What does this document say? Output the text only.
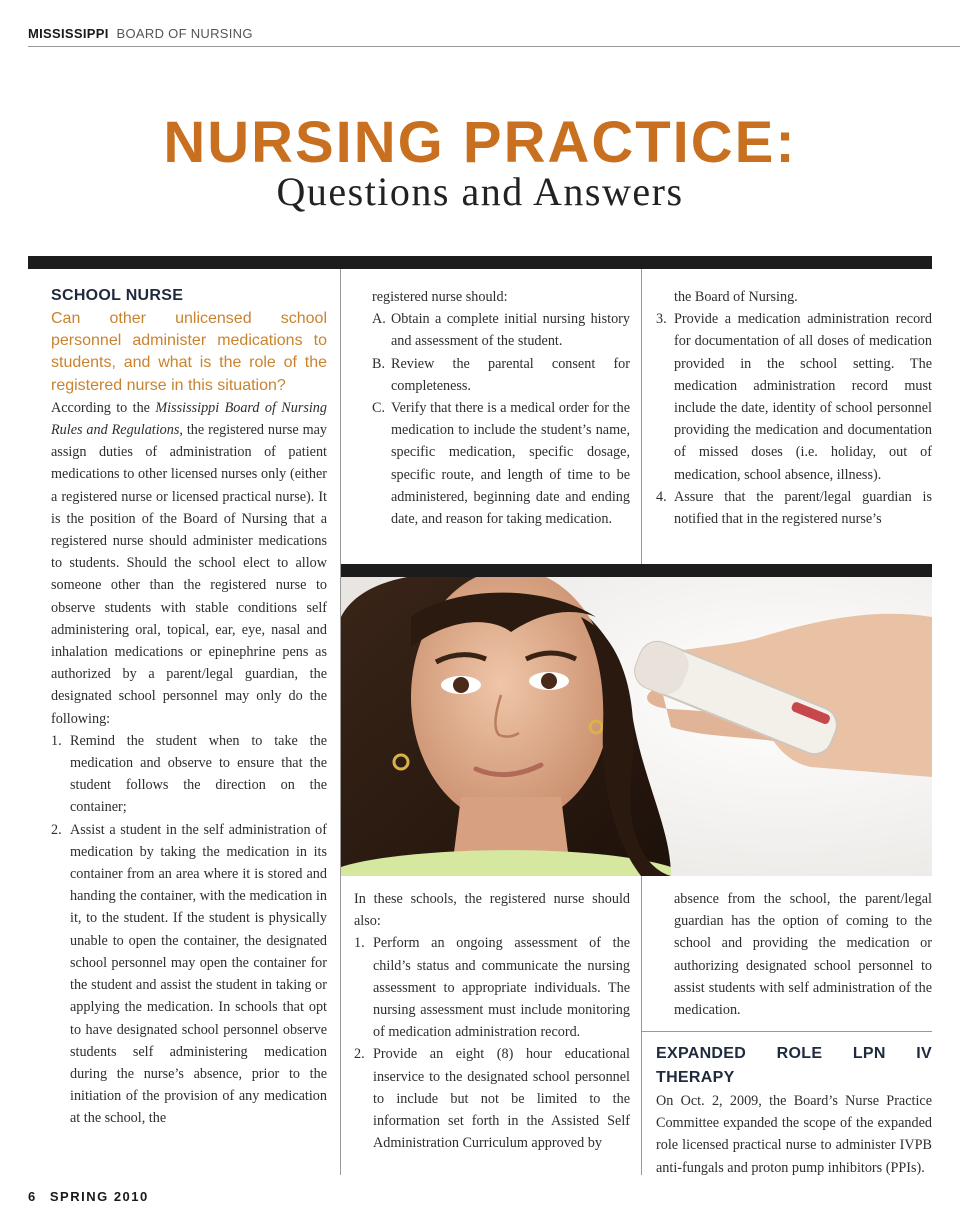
MISSISSIPPI BOARD OF NURSING
NURSING PRACTICE:
Questions and Answers

SCHOOL NURSE

Can other unlicensed school personnel administer medications to students, and what is the role of the registered nurse in this situation?

According to the Mississippi Board of Nursing Rules and Regulations, the registered nurse may assign duties of administration of patient medications to other licensed nurses only (either a registered nurse or licensed practical nurse). It is the position of the Board of Nursing that a registered nurse should administer medications to students. Should the school elect to allow someone other than the registered nurse to observe students with stable conditions self administering oral, topical, ear, eye, nasal and inhalation medications or epinephrine pens as authorized by a parent/legal guardian, the designated school personnel may only do the following:

1. Remind the student when to take the medication and observe to ensure that the student follows the direction on the container;
2. Assist a student in the self administration of medication by taking the medication in its container from an area where it is stored and handing the container, with the medication in it, to the student. If the student is physically unable to open the container, the designated school personnel may open the container for the student and assist the student in taking or applying the medication. In schools that opt to have designated school personnel observe students self administering medication during the nurse’s absence, prior to the initiation of the provision of any medication at the school, the

registered nurse should:

A. Obtain a complete initial nursing history and assessment of the student.
B. Review the parental consent for completeness.
C. Verify that there is a medical order for the medication to include the student’s name, specific medication, specific dosage, specific route, and length of time to be administered, beginning date and ending date, and reason for taking medication.

the Board of Nursing.

3. Provide a medication administration record for documentation of all doses of medication provided in the school setting. The medication administration record must include the date, identity of school personnel providing the medication and documentation of missed doses (i.e. holiday, out of medication, school absence, illness).
4. Assure that the parent/legal guardian is notified that in the registered nurse’s

In these schools, the registered nurse should also:

1. Perform an ongoing assessment of the child’s status and communicate the nursing assessment to appropriate individuals. The nursing assessment must include monitoring of medication administration record.
2. Provide an eight (8) hour educational inservice to the designated school personnel to include but not be limited to the information set forth in the Assisted Self Administration Curriculum approved by

absence from the school, the parent/legal guardian has the option of coming to the school and providing the medication or authorizing designated school personnel to assist students with self administration of the medication.

EXPANDED ROLE LPN IV THERAPY

On Oct. 2, 2009, the Board’s Nurse Practice Committee expanded the scope of the expanded role licensed practical nurse to administer IVPB anti-fungals and proton pump inhibitors (PPIs).

6 SPRING 2010
